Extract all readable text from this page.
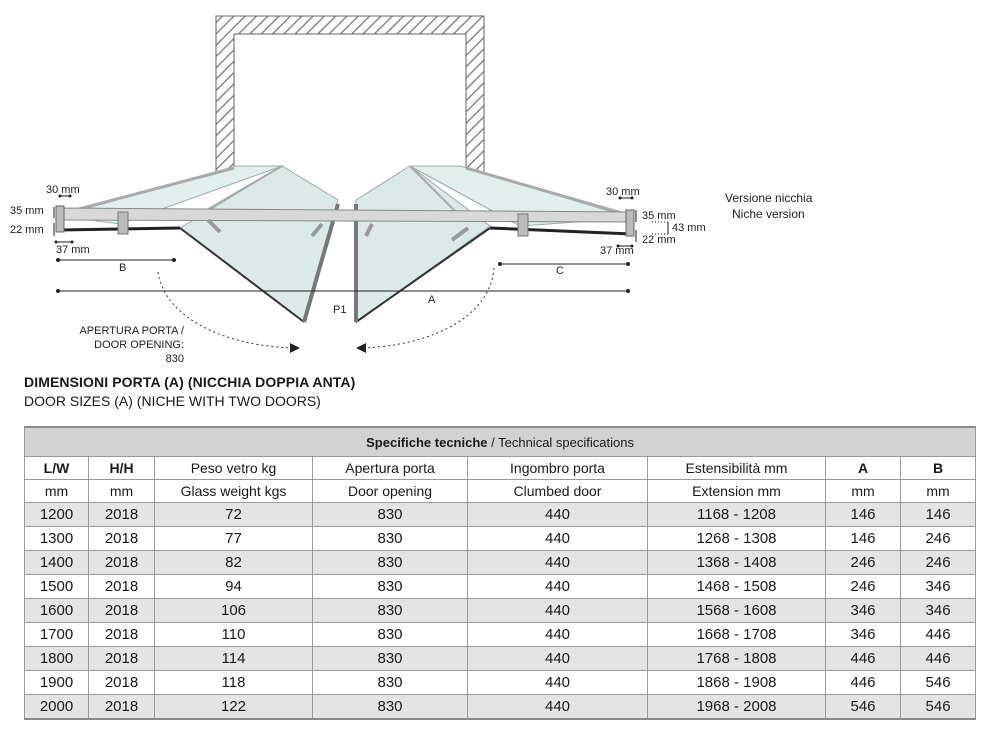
30 mm
35 mm
22 mm
37 mm
30 mm
35 mm
43 mm
22 mm
37 mm
B	C
A
P1
Versione nicchia
Niche version
APERTURA PORTA /
DOOR OPENING:
830
DIMENSIONI PORTA (A) (NICCHIA DOPPIA ANTA)
DOOR SIZES (A) (NICHE WITH TWO DOORS)
Specifiche tecniche / Technical specifications							
L/W	H/H	Peso vetro kg	Apertura porta	Ingombro porta	Estensibilità mm	A	B
mm	mm	Glass weight kgs	Door opening	Clumbed door	Extension mm	mm	mm
1200	2018	72	830	440	1168 - 1208	146	146
1300	2018	77	830	440	1268 - 1308	146	246
1400	2018	82	830	440	1368 - 1408	246	246
1500	2018	94	830	440	1468 - 1508	246	346
1600	2018	106	830	440	1568 - 1608	346	346
1700	2018	110	830	440	1668 - 1708	346	446
1800	2018	114	830	440	1768 - 1808	446	446
1900	2018	118	830	440	1868 - 1908	446	546
2000	2018	122	830	440	1968 - 2008	546	546
